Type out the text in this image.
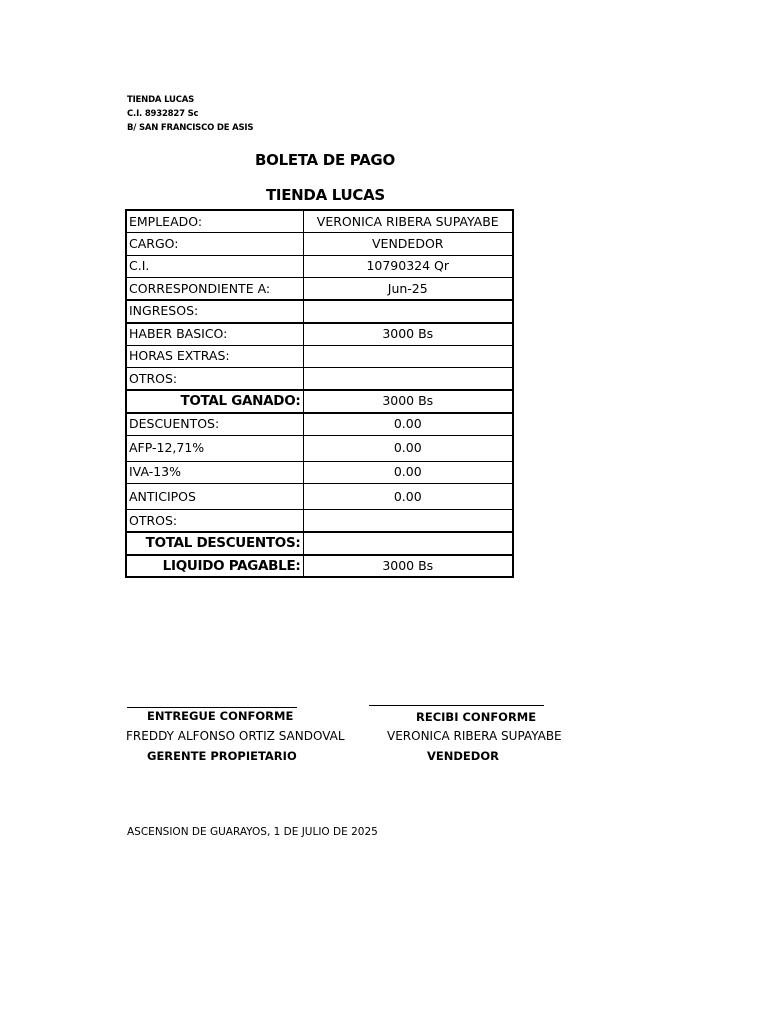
TIENDA LUCAS
C.I. 8932827 Sc
B/ SAN FRANCISCO DE ASIS
BOLETA DE PAGO
TIENDA LUCAS
EMPLEADO:	VERONICA RIBERA SUPAYABE
CARGO:	VENDEDOR
C.I.	10790324 Qr
CORRESPONDIENTE A:	Jun-25
INGRESOS:	
HABER BASICO:	3000 Bs
HORAS EXTRAS:	
OTROS:	
TOTAL GANADO:	3000 Bs
DESCUENTOS:	0.00
AFP-12,71%	0.00
IVA-13%	0.00
ANTICIPOS	0.00
OTROS:	
TOTAL DESCUENTOS:	
LIQUIDO PAGABLE:	3000 Bs
ENTREGUE CONFORME
FREDDY ALFONSO ORTIZ SANDOVAL
GERENTE PROPIETARIO
RECIBI CONFORME
VERONICA RIBERA SUPAYABE
VENDEDOR
ASCENSION DE GUARAYOS, 1 DE JULIO DE 2025
